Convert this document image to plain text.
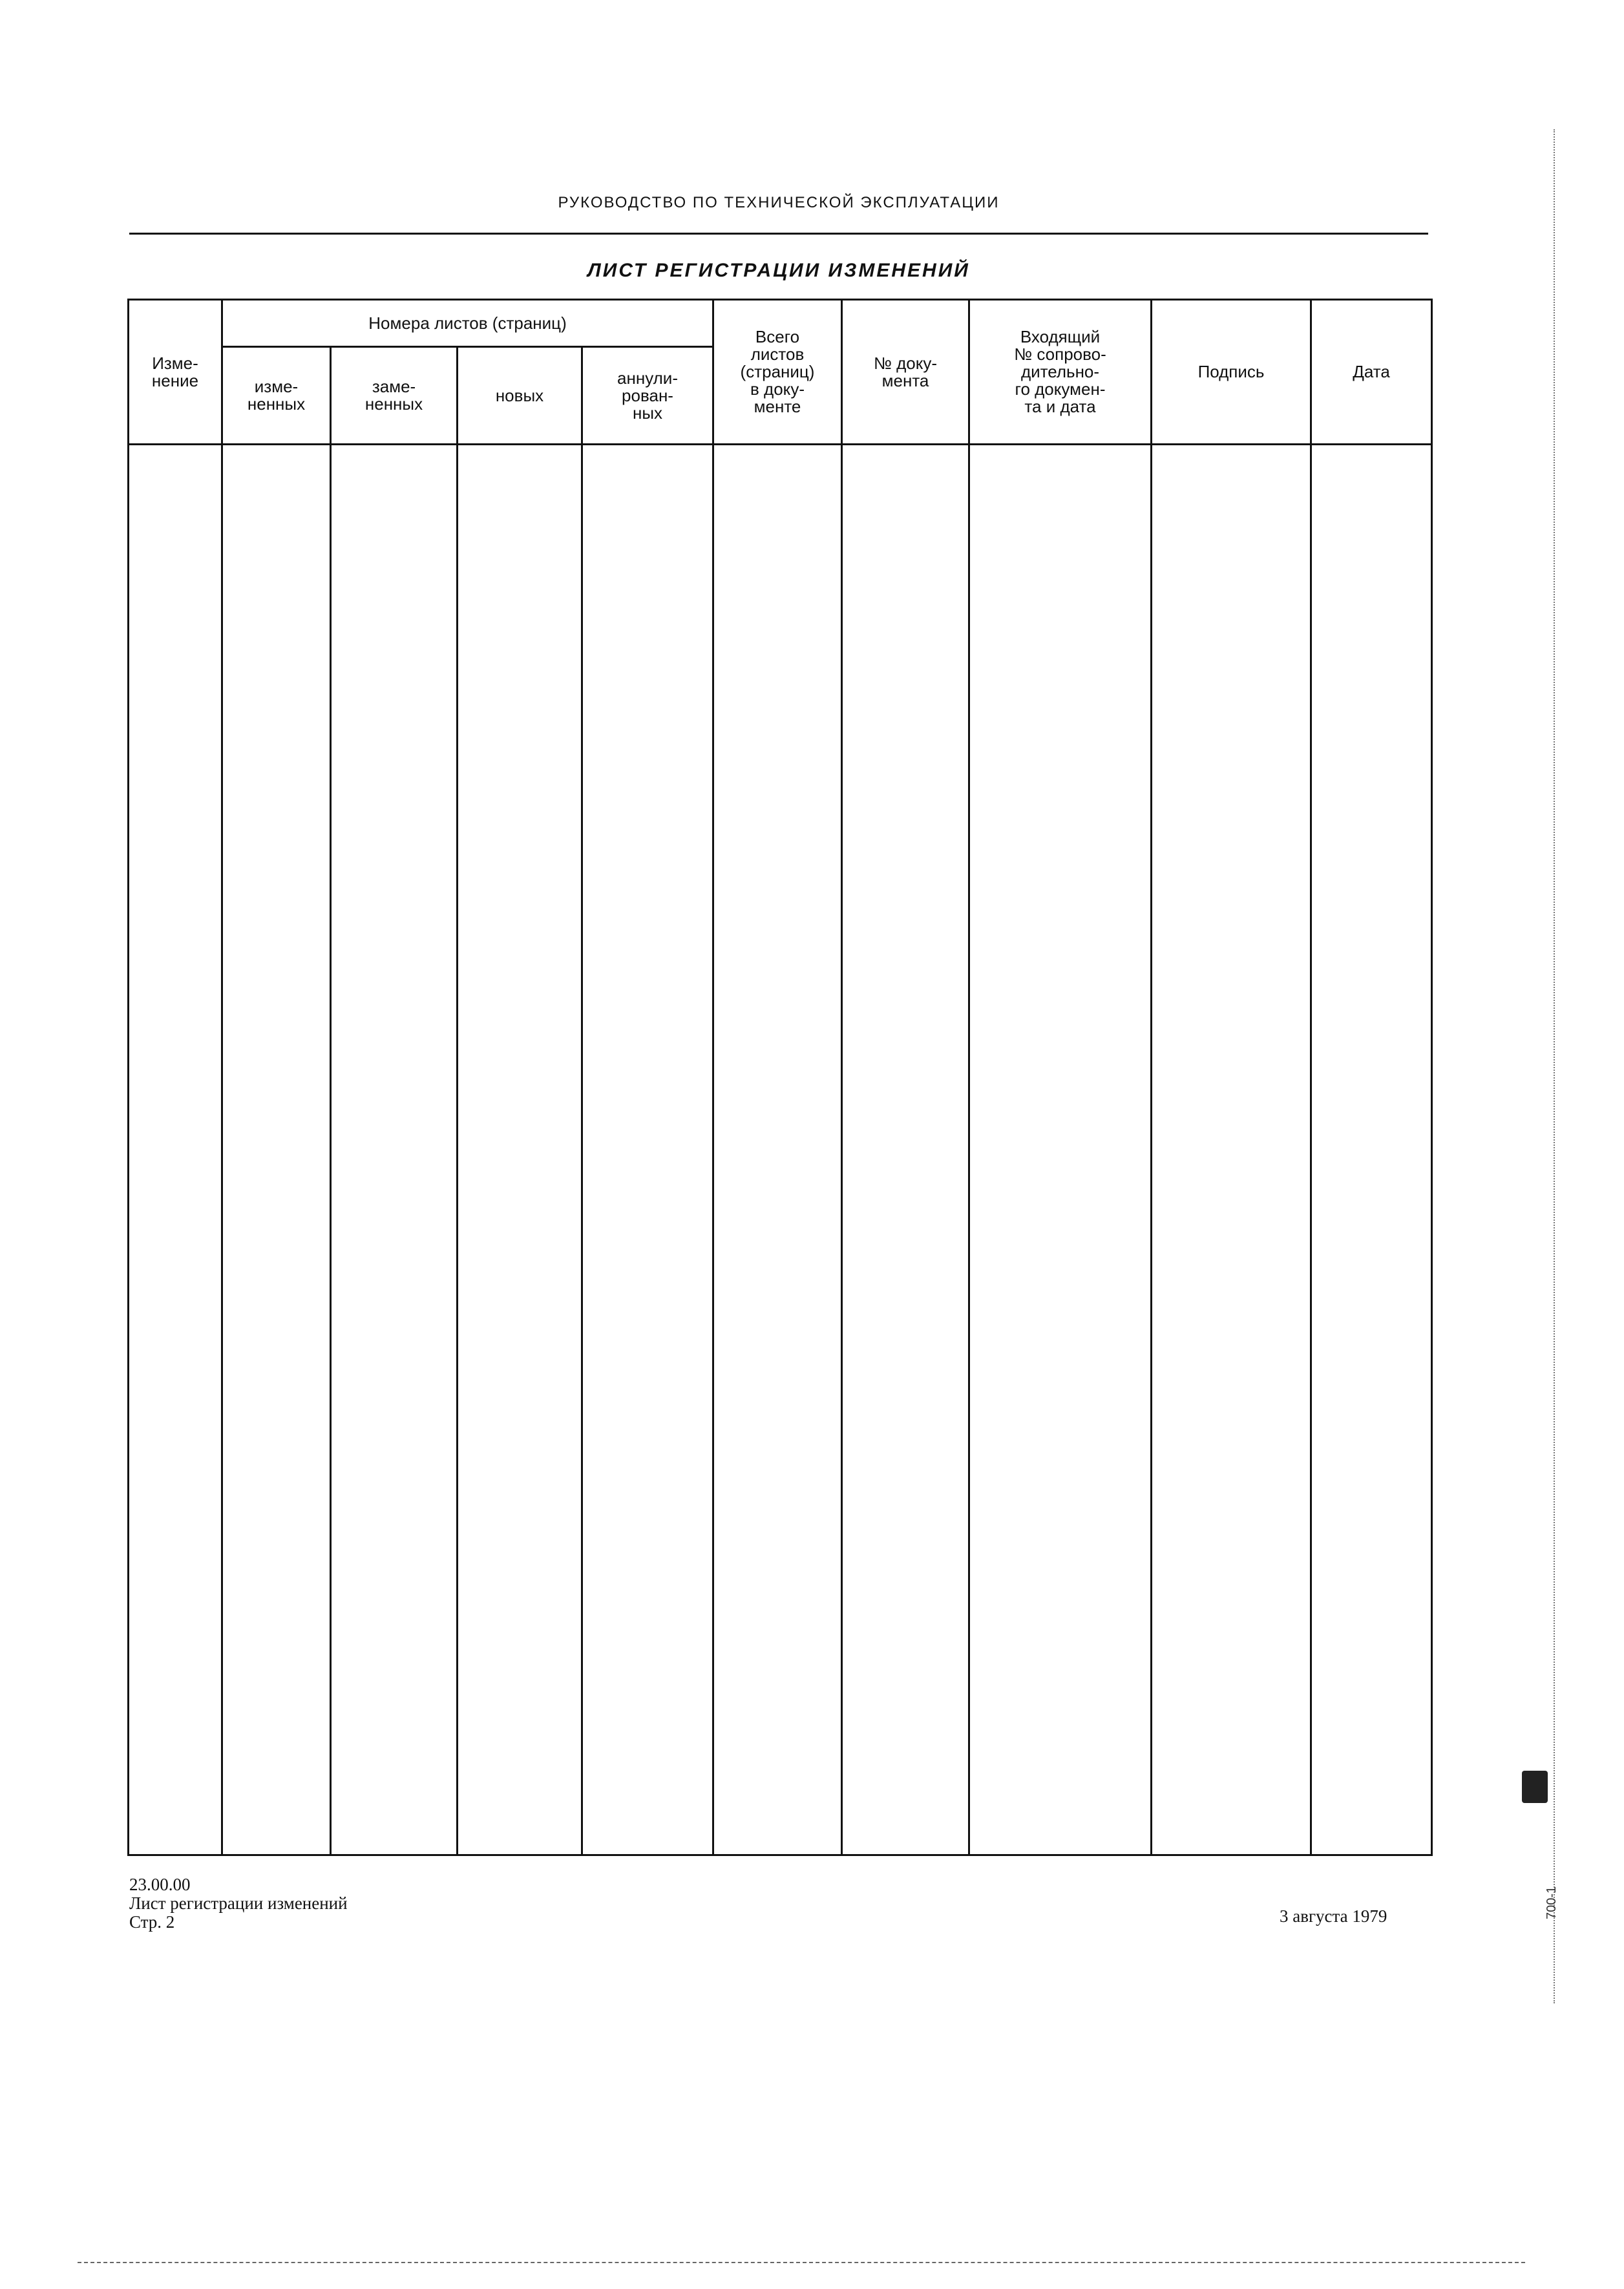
РУКОВОДСТВО ПО ТЕХНИЧЕСКОЙ ЭКСПЛУАТАЦИИ
ЛИСТ РЕГИСТРАЦИИ ИЗМЕНЕНИЙ
Изме-
нение	Номера листов (страниц)				Всего
листов
(страниц)
в доку-
менте	№ доку-
мента	Входящий
№ сопрово-
дительно-
го докумен-
та и дата	Подпись	Дата

	изме-
ненных	заме-
ненных	новых	аннули-
рован-
ных					

23.00.00
Лист регистрации изменений
Стр. 2	3 августа 1979	700-1
